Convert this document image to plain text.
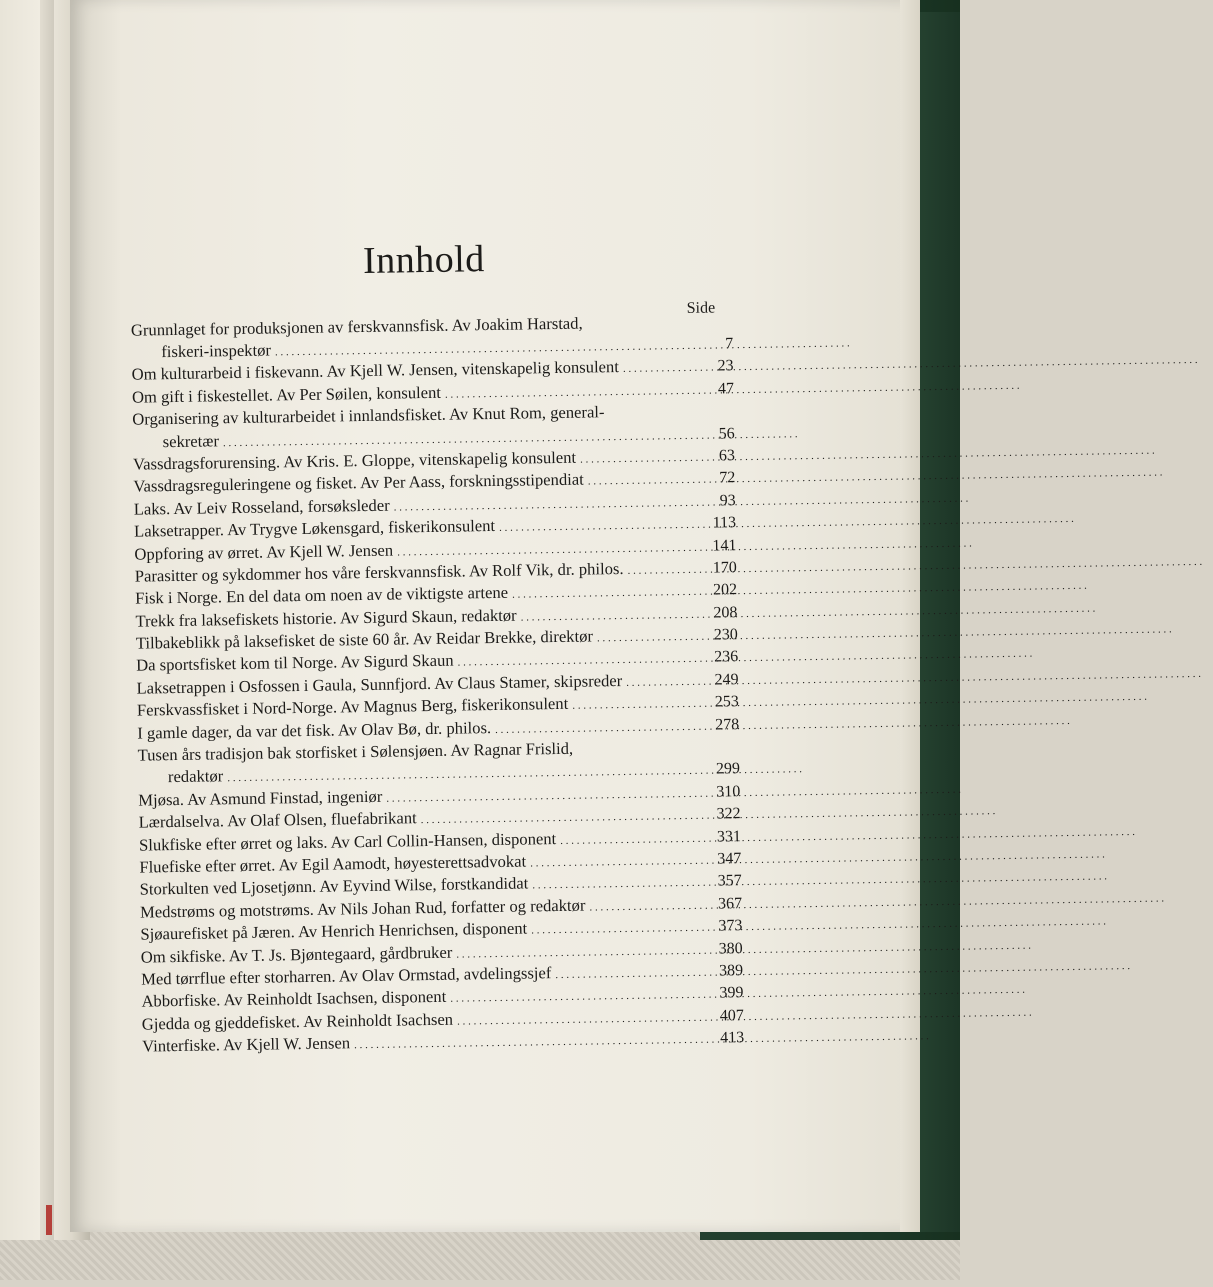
Innhold
Side
Grunnlaget for produksjonen av ferskvannsfisk. Av Joakim Harstad,
fiskeri-inspektør . . .	7
Om kulturarbeid i fiskevann. Av Kjell W. Jensen, vitenskapelig konsulent . . .	23
Om gift i fiskestellet. Av Per Søilen, konsulent . . .	47
Organisering av kulturarbeidet i innlandsfisket. Av Knut Rom, general-
sekretær . . .	56
Vassdragsforurensing. Av Kris. E. Gloppe, vitenskapelig konsulent . . .	63
Vassdragsreguleringene og fisket. Av Per Aass, forskningsstipendiat . . .	72
Laks. Av Leiv Rosseland, forsøksleder . . .	93
Laksetrapper. Av Trygve Løkensgard, fiskerikonsulent . . .	113
Oppforing av ørret. Av Kjell W. Jensen . . .	141
Parasitter og sykdommer hos våre ferskvannsfisk. Av Rolf Vik, dr. philos. . . .	170
Fisk i Norge. En del data om noen av de viktigste artene . . .	202
Trekk fra laksefiskets historie. Av Sigurd Skaun, redaktør . . .	208
Tilbakeblikk på laksefisket de siste 60 år. Av Reidar Brekke, direktør . . .	230
Da sportsfisket kom til Norge. Av Sigurd Skaun . . .	236
Laksetrappen i Osfossen i Gaula, Sunnfjord. Av Claus Stamer, skipsreder . . .	249
Ferskvassfisket i Nord-Norge. Av Magnus Berg, fiskerikonsulent . . .	253
I gamle dager, da var det fisk. Av Olav Bø, dr. philos. . . .	278
Tusen års tradisjon bak storfisket i Sølensjøen. Av Ragnar Frislid,
redaktør . . .	299
Mjøsa. Av Asmund Finstad, ingeniør . . .	310
Lærdalselva. Av Olaf Olsen, fluefabrikant . . .	322
Slukfiske efter ørret og laks. Av Carl Collin-Hansen, disponent . . .	331
Fluefiske efter ørret. Av Egil Aamodt, høyesterettsadvokat . . .	347
Storkulten ved Ljosetjønn. Av Eyvind Wilse, forstkandidat . . .	357
Medstrøms og motstrøms. Av Nils Johan Rud, forfatter og redaktør . . .	367
Sjøaurefisket på Jæren. Av Henrich Henrichsen, disponent . . .	373
Om sikfiske. Av T. Js. Bjøntegaard, gårdbruker . . .	380
Med tørrflue efter storharren. Av Olav Ormstad, avdelingssjef . . .	389
Abborfiske. Av Reinholdt Isachsen, disponent . . .	399
Gjedda og gjeddefisket. Av Reinholdt Isachsen . . .	407
Vinterfiske. Av Kjell W. Jensen . . .	413
